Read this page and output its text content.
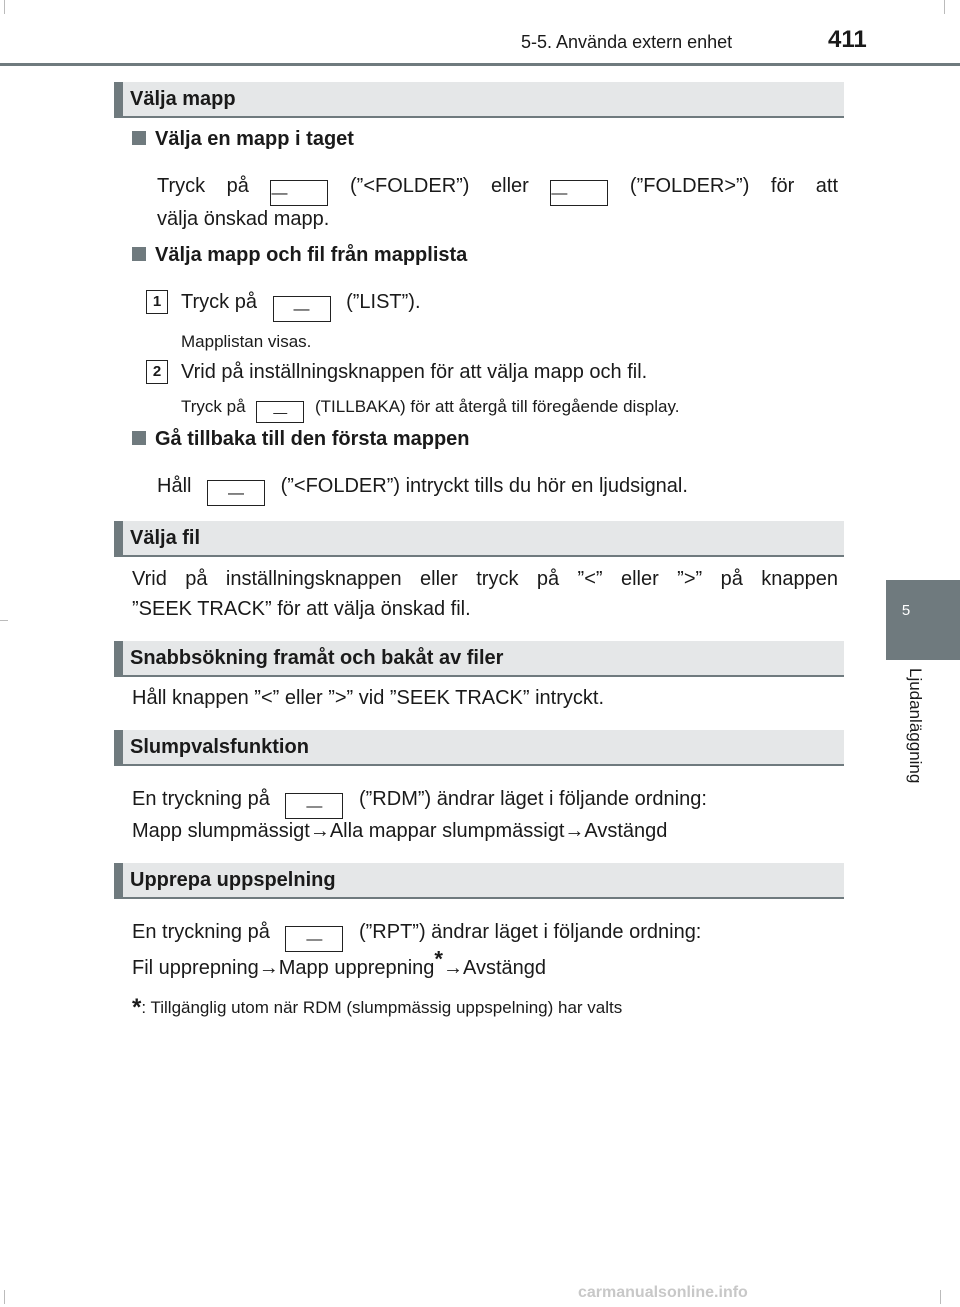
5-5. Använda extern enhet	411
5
Ljudanläggning
Välja mapp
Välja en mapp i taget
Tryck på —	(”<FOLDER”) eller —	(”FOLDER>”) för att
välja önskad mapp.
Välja mapp och fil från mapplista
1 Tryck på — (”LIST”).
Mapplistan visas.
2 Vrid på inställningsknappen för att välja mapp och fil.
Tryck på — (TILLBAKA) för att återgå till föregående display.
Gå tillbaka till den första mappen
Håll — (”<FOLDER”) intryckt tills du hör en ljudsignal.
Välja fil
Vrid på inställningsknappen eller tryck på ”<” eller ”>” på knappen
”SEEK TRACK” för att välja önskad fil.
Snabbsökning framåt och bakåt av filer
Håll knappen ”<” eller ”>” vid ”SEEK TRACK” intryckt.
Slumpvalsfunktion
En tryckning på — (”RDM”) ändrar läget i följande ordning:
Mapp slumpmässigt→Alla mappar slumpmässigt→Avstängd
Upprepa uppspelning
En tryckning på — (”RPT”) ändrar läget i följande ordning:
Fil upprepning→Mapp upprepning*→Avstängd
*: Tillgänglig utom när RDM (slumpmässig uppspelning) har valts
carmanualsonline.info
